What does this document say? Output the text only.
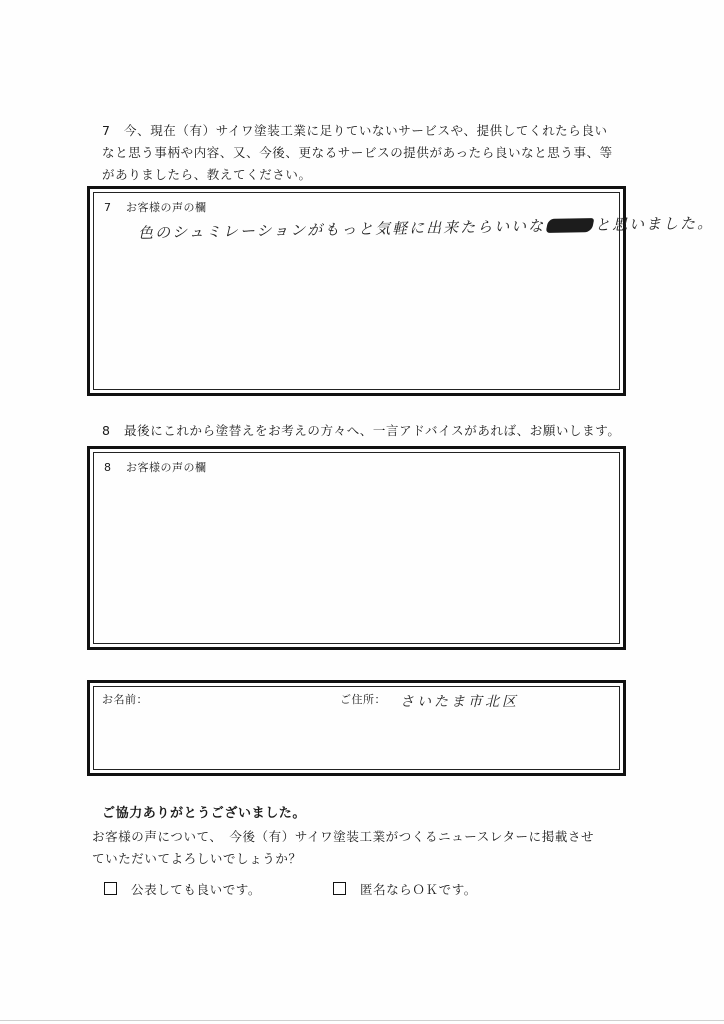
7 今、現在（有）サイワ塗装工業に足りていないサービスや、提供してくれたら良い
なと思う事柄や内容、又、今後、更なるサービスの提供があったら良いなと思う事、等
がありましたら、教えてください。
7 お客様の声の欄
色のシュミレーションがもっと気軽に出来たらいいな	と思いました。
8 最後にこれから塗替えをお考えの方々へ、一言アドバイスがあれば、お願いします。
8 お客様の声の欄
お名前：	ご住所： さいたま市北区
ご協力ありがとうございました。
お客様の声について、　今後（有）サイワ塗装工業がつくるニュースレターに掲載させ
ていただいてよろしいでしょうか？
公表しても良いです。	匿名ならＯＫです。
